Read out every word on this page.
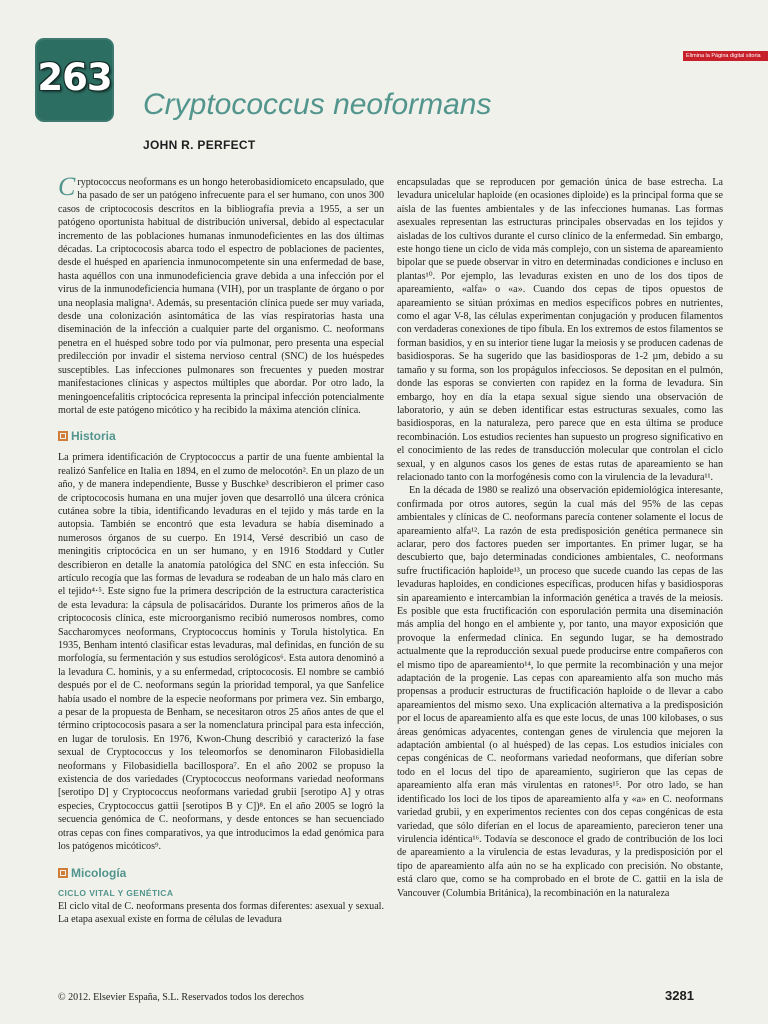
263	Elimina la Página digital sitoria
Cryptococcus neoformans
JOHN R. PERFECT

Cryptococcus neoformans es un hongo heterobasidiomiceto encapsulado, que ha pasado de ser un patógeno infrecuente para el ser humano, con unos 300 casos de criptococosis descritos en la bibliografía previa a 1955, a ser un patógeno oportunista habitual de distribución universal, debido al espectacular incremento de las poblaciones humanas inmunodeficientes en las dos últimas décadas. La criptococosis abarca todo el espectro de poblaciones de pacientes, desde el huésped en apariencia inmunocompetente sin una enfermedad de base, hasta aquéllos con una inmunodeficiencia grave debida a una infección por el virus de la inmunodeficiencia humana (VIH), por un trasplante de órgano o por una neoplasia maligna¹. Además, su presentación clínica puede ser muy variada, desde una colonización asintomática de las vías respiratorias hasta una diseminación de la infección a cualquier parte del organismo. C. neoformans penetra en el huésped sobre todo por vía pulmonar, pero presenta una especial predilección por invadir el sistema nervioso central (SNC) de los huéspedes susceptibles. Las infecciones pulmonares son frecuentes y pueden mostrar manifestaciones clínicas y aspectos múltiples que abordar. Por otro lado, la meningoencefalitis criptocócica representa la principal infección potencialmente mortal de este patógeno micótico y ha recibido la máxima atención clínica.

Historia

La primera identificación de Cryptococcus a partir de una fuente ambiental la realizó Sanfelice en Italia en 1894, en el zumo de melocotón². En un plazo de un año, y de manera independiente, Busse y Buschke³ describieron el primer caso de criptococosis humana en una mujer joven que desarrolló una úlcera crónica cutánea sobre la tibia, identificando levaduras en el tejido y más tarde en la autopsia. También se encontró que esta levadura se había diseminado a numerosos órganos de su cuerpo. En 1914, Versé describió un caso de meningitis criptocócica en un ser humano, y en 1916 Stoddard y Cutler describieron en detalle la anatomía patológica del SNC en esta infección. Su artículo recogía que las formas de levadura se rodeaban de un halo más claro en el tejido⁴·⁵. Este signo fue la primera descripción de la estructura característica de esta levadura: la cápsula de polisacáridos. Durante los primeros años de la criptococosis clínica, este microorganismo recibió numerosos nombres, como Saccharomyces neoformans, Cryptococcus hominis y Torula histolytica. En 1935, Benham intentó clasificar estas levaduras, mal definidas, en función de su morfología, su fermentación y sus estudios serológicos⁶. Esta autora denominó a la levadura C. hominis, y a su enfermedad, criptococosis. El nombre se cambió después por el de C. neoformans según la prioridad temporal, ya que Sanfelice había usado el nombre de la especie neoformans por primera vez. Sin embargo, a pesar de la propuesta de Benham, se necesitaron otros 25 años antes de que el término criptococosis pasara a ser la nomenclatura principal para esta infección, en lugar de torulosis. En 1976, Kwon-Chung describió y caracterizó la fase sexual de Cryptococcus y los teleomorfos se denominaron Filobasidiella neoformans y Filobasidiella bacillospora⁷. En el año 2002 se propuso la existencia de dos variedades (Cryptococcus neoformans variedad neoformans [serotipo D] y Cryptococcus neoformans variedad grubii [serotipo A] y otras especies, Cryptococcus gattii [serotipos B y C])⁸. En el año 2005 se logró la secuencia genómica de C. neoformans, y desde entonces se han secuenciado otras cepas con fines comparativos, ya que introducimos la edad genómica para los patógenos micóticos⁹.

Micología
CICLO VITAL Y GENÉTICA

El ciclo vital de C. neoformans presenta dos formas diferentes: asexual y sexual. La etapa asexual existe en forma de células de levadura

encapsuladas que se reproducen por gemación única de base estrecha. La levadura unicelular haploide (en ocasiones diploide) es la principal forma que se aísla de las fuentes ambientales y de las infecciones humanas. Las formas asexuales representan las estructuras principales observadas en los tejidos y aisladas de los cultivos durante el curso clínico de la enfermedad. Sin embargo, este hongo tiene un ciclo de vida más complejo, con un sistema de apareamiento bipolar que se puede observar in vitro en determinadas condiciones e incluso en plantas¹⁰. Por ejemplo, las levaduras existen en uno de los dos tipos de apareamiento, «alfa» o «a». Cuando dos cepas de tipos opuestos de apareamiento se sitúan próximas en medios específicos pobres en nutrientes, como el agar V-8, las células experimentan conjugación y producen filamentos con verdaderas conexiones de tipo fíbula. En los extremos de estos filamentos se forman basidios, y en su interior tiene lugar la meiosis y se producen cadenas de basidiosporas. Se ha sugerido que las basidiosporas de 1-2 µm, debido a su tamaño y su forma, son los propágulos infecciosos. Se depositan en el pulmón, donde las esporas se convierten con rapidez en la forma de levadura. Sin embargo, hoy en día la etapa sexual sigue siendo una observación de laboratorio, y aún se deben identificar estas estructuras sexuales, como las basidiosporas, en la naturaleza, pero parece que en esta última se produce recombinación. Los estudios recientes han supuesto un progreso significativo en el conocimiento de las redes de transducción molecular que controlan el ciclo sexual, y en algunos casos los genes de estas rutas de apareamiento se han relacionado tanto con la morfogénesis como con la virulencia de la levadura¹¹.

En la década de 1980 se realizó una observación epidemiológica interesante, confirmada por otros autores, según la cual más del 95% de las cepas ambientales y clínicas de C. neoformans parecía contener solamente el locus de apareamiento alfa¹². La razón de esta predisposición genética permanece sin aclarar, pero dos factores pueden ser importantes. En primer lugar, se ha descubierto que, bajo determinadas condiciones ambientales, C. neoformans sufre fructificación haploide¹³, un proceso que sucede cuando las cepas de las levaduras haploides, en condiciones específicas, producen hifas y basidiosporas sin apareamiento e intercambian la información genética a través de la meiosis. Es posible que esta fructificación con esporulación permita una diseminación más amplia del hongo en el ambiente y, por tanto, una mayor exposición que provoque la enfermedad clínica. En segundo lugar, se ha demostrado actualmente que la reproducción sexual puede producirse entre compañeros con el mismo tipo de apareamiento¹⁴, lo que permite la recombinación y una mejor adaptación de la progenie. Las cepas con apareamiento alfa son mucho más propensas a producir estructuras de fructificación haploide o de llevar a cabo apareamientos del mismo sexo. Una explicación alternativa a la predisposición por el locus de apareamiento alfa es que este locus, de unas 100 kilobases, o sus áreas genómicas adyacentes, contengan genes de virulencia que mejoren la adaptación ambiental (o al huésped) de las cepas. Los estudios iniciales con cepas congénicas de C. neoformans variedad neoformans, que diferían sobre todo en el locus del tipo de apareamiento, sugirieron que las cepas de apareamiento alfa eran más virulentas en ratones¹⁵. Por otro lado, se han identificado los loci de los tipos de apareamiento alfa y «a» en C. neoformans variedad grubii, y en experimentos recientes con dos cepas congénicas de esta variedad, que sólo diferían en el locus de apareamiento, parecieron tener una virulencia idéntica¹⁶. Todavía se desconoce el grado de contribución de los loci de apareamiento a la virulencia de estas levaduras, y la predisposición por el tipo de apareamiento alfa aún no se ha explicado con precisión. No obstante, está claro que, como se ha comprobado en el brote de C. gattii en la isla de Vancouver (Columbia Británica), la recombinación en la naturaleza

© 2012. Elsevier España, S.L. Reservados todos los derechos	3281
